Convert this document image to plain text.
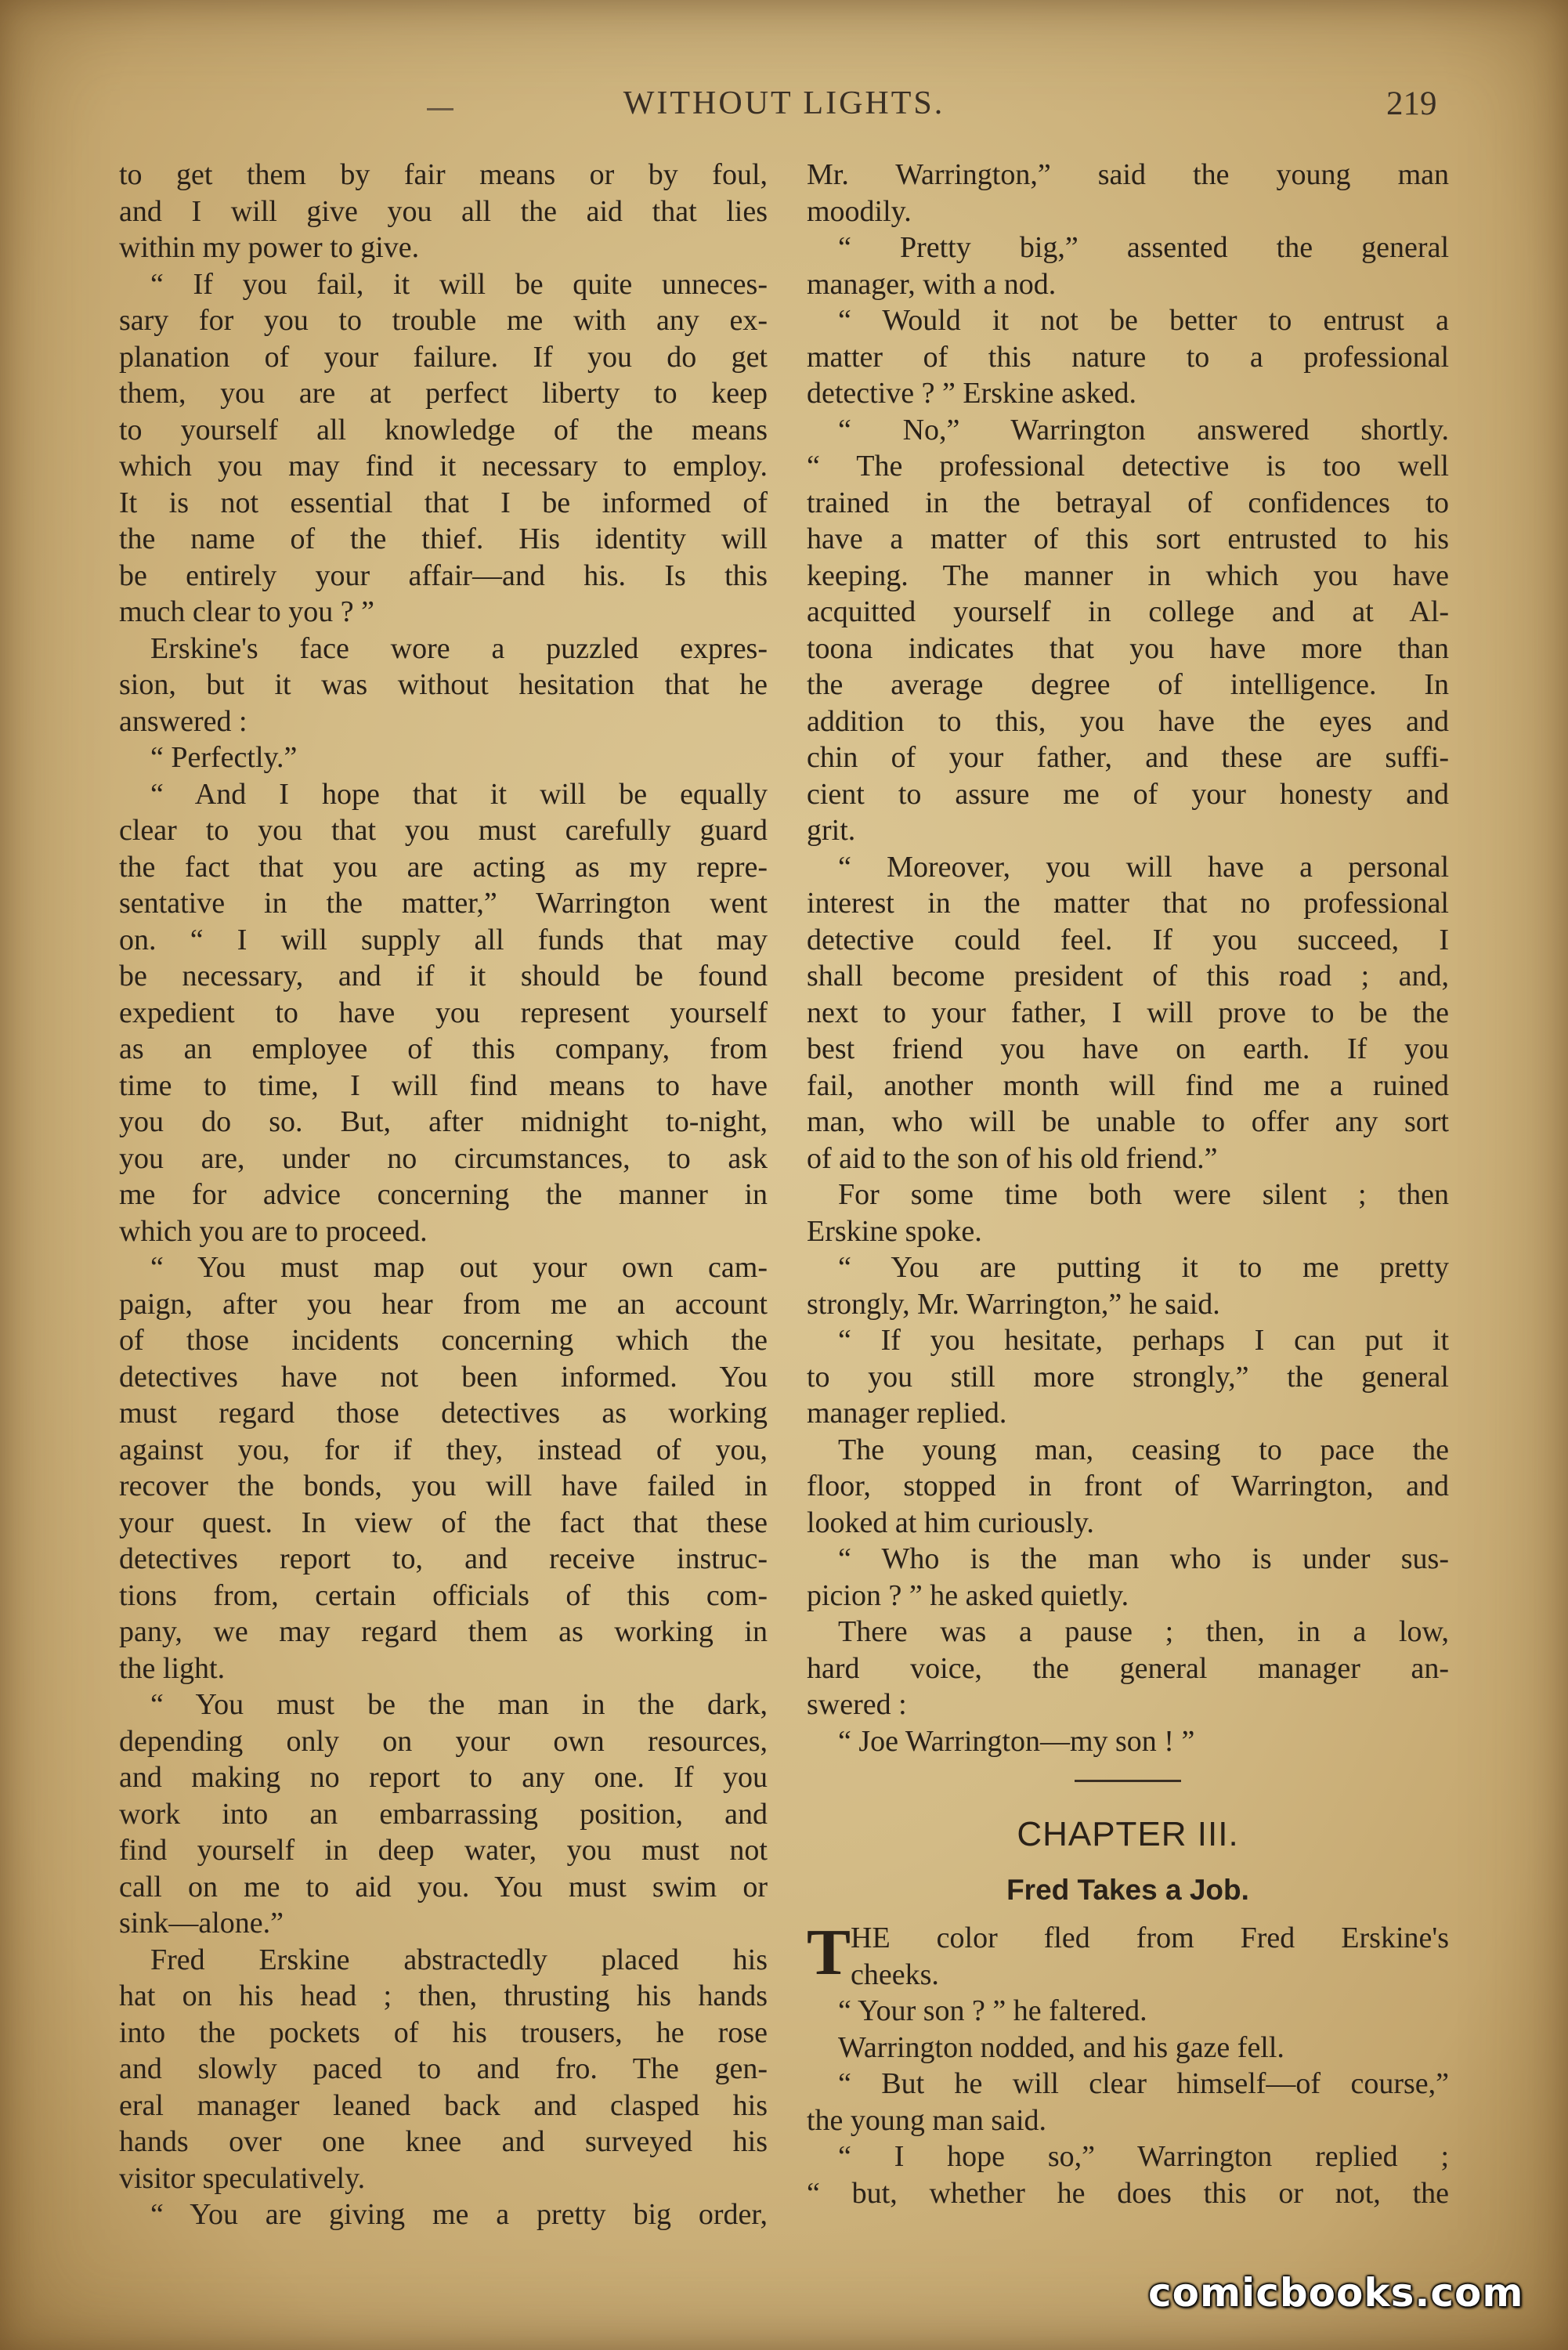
WITHOUT LIGHTS.	219
to get them by fair means or by foul,
and I will give you all the aid that lies
within my power to give.
“ If you fail, it will be quite unneces-
sary for you to trouble me with any ex-
planation of your failure. If you do get
them, you are at perfect liberty to keep
to yourself all knowledge of the means
which you may find it necessary to employ.
It is not essential that I be informed of
the name of the thief. His identity will
be entirely your affair—and his. Is this
much clear to you ? ”
Erskine's face wore a puzzled expres-
sion, but it was without hesitation that he
answered :
“ Perfectly.”
“ And I hope that it will be equally
clear to you that you must carefully guard
the fact that you are acting as my repre-
sentative in the matter,” Warrington went
on. “ I will supply all funds that may
be necessary, and if it should be found
expedient to have you represent yourself
as an employee of this company, from
time to time, I will find means to have
you do so. But, after midnight to-night,
you are, under no circumstances, to ask
me for advice concerning the manner in
which you are to proceed.
“ You must map out your own cam-
paign, after you hear from me an account
of those incidents concerning which the
detectives have not been informed. You
must regard those detectives as working
against you, for if they, instead of you,
recover the bonds, you will have failed in
your quest. In view of the fact that these
detectives report to, and receive instruc-
tions from, certain officials of this com-
pany, we may regard them as working in
the light.
“ You must be the man in the dark,
depending only on your own resources,
and making no report to any one. If you
work into an embarrassing position, and
find yourself in deep water, you must not
call on me to aid you. You must swim or
sink—alone.”
Fred Erskine abstractedly placed his
hat on his head ; then, thrusting his hands
into the pockets of his trousers, he rose
and slowly paced to and fro. The gen-
eral manager leaned back and clasped his
hands over one knee and surveyed his
visitor speculatively.
“ You are giving me a pretty big order,
Mr. Warrington,” said the young man
moodily.
“ Pretty big,” assented the general
manager, with a nod.
“ Would it not be better to entrust a
matter of this nature to a professional
detective ? ” Erskine asked.
“ No,” Warrington answered shortly.
“ The professional detective is too well
trained in the betrayal of confidences to
have a matter of this sort entrusted to his
keeping. The manner in which you have
acquitted yourself in college and at Al-
toona indicates that you have more than
the average degree of intelligence. In
addition to this, you have the eyes and
chin of your father, and these are suffi-
cient to assure me of your honesty and
grit.
“ Moreover, you will have a personal
interest in the matter that no professional
detective could feel. If you succeed, I
shall become president of this road ; and,
next to your father, I will prove to be the
best friend you have on earth. If you
fail, another month will find me a ruined
man, who will be unable to offer any sort
of aid to the son of his old friend.”
For some time both were silent ; then
Erskine spoke.
“ You are putting it to me pretty
strongly, Mr. Warrington,” he said.
“ If you hesitate, perhaps I can put it
to you still more strongly,” the general
manager replied.
The young man, ceasing to pace the
floor, stopped in front of Warrington, and
looked at him curiously.
“ Who is the man who is under sus-
picion ? ” he asked quietly.
There was a pause ; then, in a low,
hard voice, the general manager an-
swered :
“ Joe Warrington—my son ! ”
CHAPTER III.
Fred Takes a Job.
T HE color fled from Fred Erskine's
cheeks.
“ Your son ? ” he faltered.
Warrington nodded, and his gaze fell.
“ But he will clear himself—of course,”
the young man said.
“ I hope so,” Warrington replied ;
“ but, whether he does this or not, the
comicbooks.com
